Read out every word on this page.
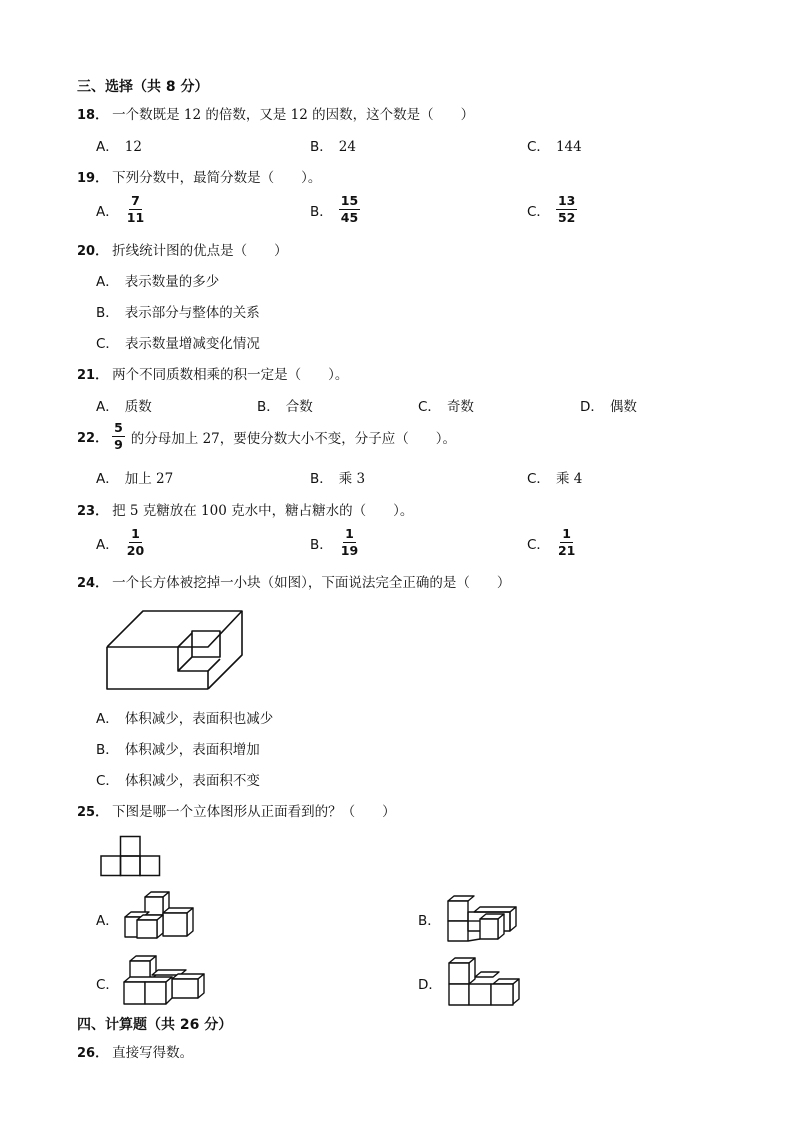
三、选择（共 8 分）
18． 一个数既是 12 的倍数，又是 12 的因数，这个数是（　　）
A． 12	B． 24	C． 144
19． 下列分数中，最简分数是（　　）。
A． $\frac{7}{11}$	B． $\frac{15}{45}$	C． $\frac{13}{52}$
20． 折线统计图的优点是（　　）
A． 表示数量的多少
B． 表示部分与整体的关系
C． 表示数量增减变化情况
21． 两个不同质数相乘的积一定是（　　）。
A． 质数	B． 合数	C． 奇数	D． 偶数
22． $\frac{5}{9}$ 的分母加上 27，要使分数大小不变，分子应（　　）。
A． 加上 27	B． 乘 3	C． 乘 4
23． 把 5 克糖放在 100 克水中，糖占糖水的（　　）。
A． $\frac{1}{20}$	B． $\frac{1}{19}$	C． $\frac{1}{21}$
24． 一个长方体被挖掉一小块（如图），下面说法完全正确的是（　　）
A． 体积减少，表面积也减少
B． 体积减少，表面积增加
C． 体积减少，表面积不变
25． 下图是哪一个立体图形从正面看到的？（　　）
A．	B．
C．	D．
四、计算题（共 26 分）
26． 直接写得数。
